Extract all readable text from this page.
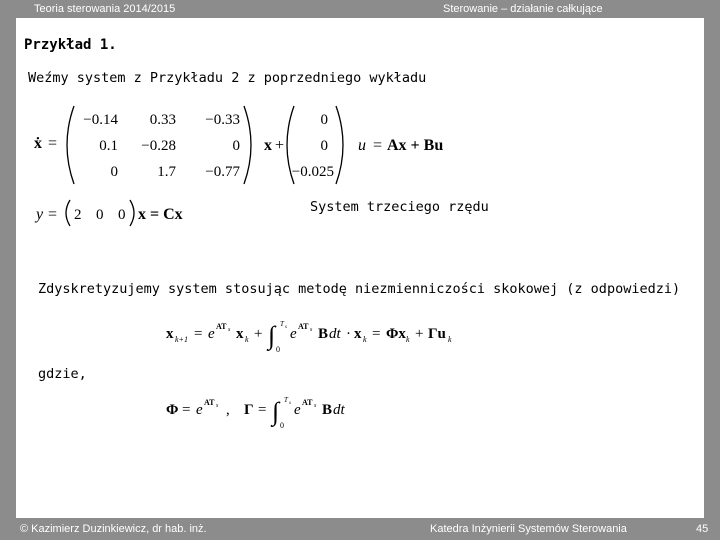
Teoria sterowania 2014/2015	Sterowanie – działanie całkujące
Przykład 1.
Weźmy system z Przykładu 2 z poprzedniego wykładu
ẋ =
−0.14 0.33 −0.33
0.1 −0.28	0
0	1.7 −0.77
x +
0
0
−0.025
u = Ax + Bu
y = 2 0 0 x = Cx	System trzeciego rzędu
Zdyskretyzujemy system stosując metodę niezmienniczości skokowej (z odpowiedzi)
x k+1 = e AT s x k + ∫ T s
0
e AT s B dt · x k = Φx k + Γu k
gdzie,
Φ = e AT s , Γ = ∫ T s
0
e AT s B dt
© Kazimierz Duzinkiewicz, dr hab. inż.	Katedra Inżynierii Systemów Sterowania	45
